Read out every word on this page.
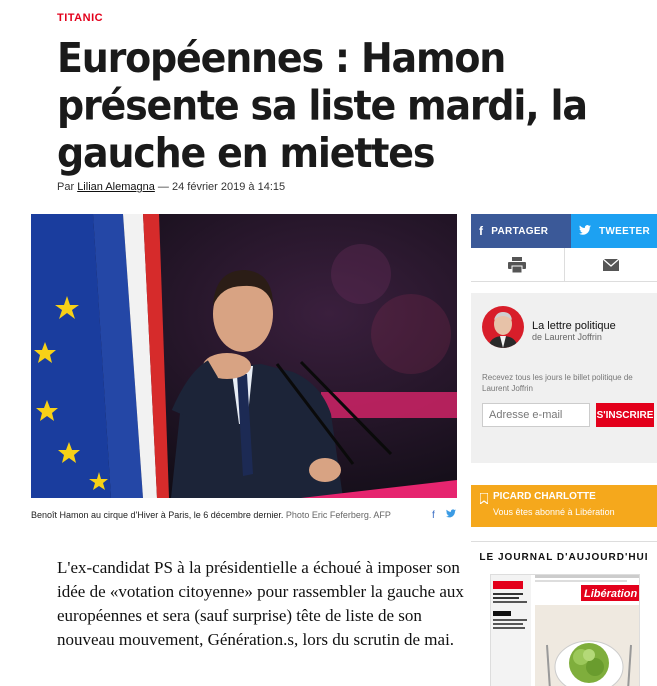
TITANIC
Européennes : Hamon présente sa liste mardi, la gauche en miettes
Par Lilian Alemagna — 24 février 2019 à 14:15
Benoît Hamon au cirque d'Hiver à Paris, le 6 décembre dernier. Photo Eric Feferberg. AFP	f

L'ex-candidat PS à la présidentielle a échoué à imposer son idée de «votation citoyenne» pour rassembler la gauche aux européennes et sera (sauf surprise) tête de liste de son nouveau mouvement, Génération.s, lors du scrutin de mai.

f PARTAGER	TWEETER
La lettre politique
de Laurent Joffrin
Recevez tous les jours le billet politique de Laurent Joffrin
Adresse e-mail
S'INSCRIRE
PICARD CHARLOTTE
Vous êtes abonné à Libération
LE JOURNAL D'AUJOURD'HUI
Libération
